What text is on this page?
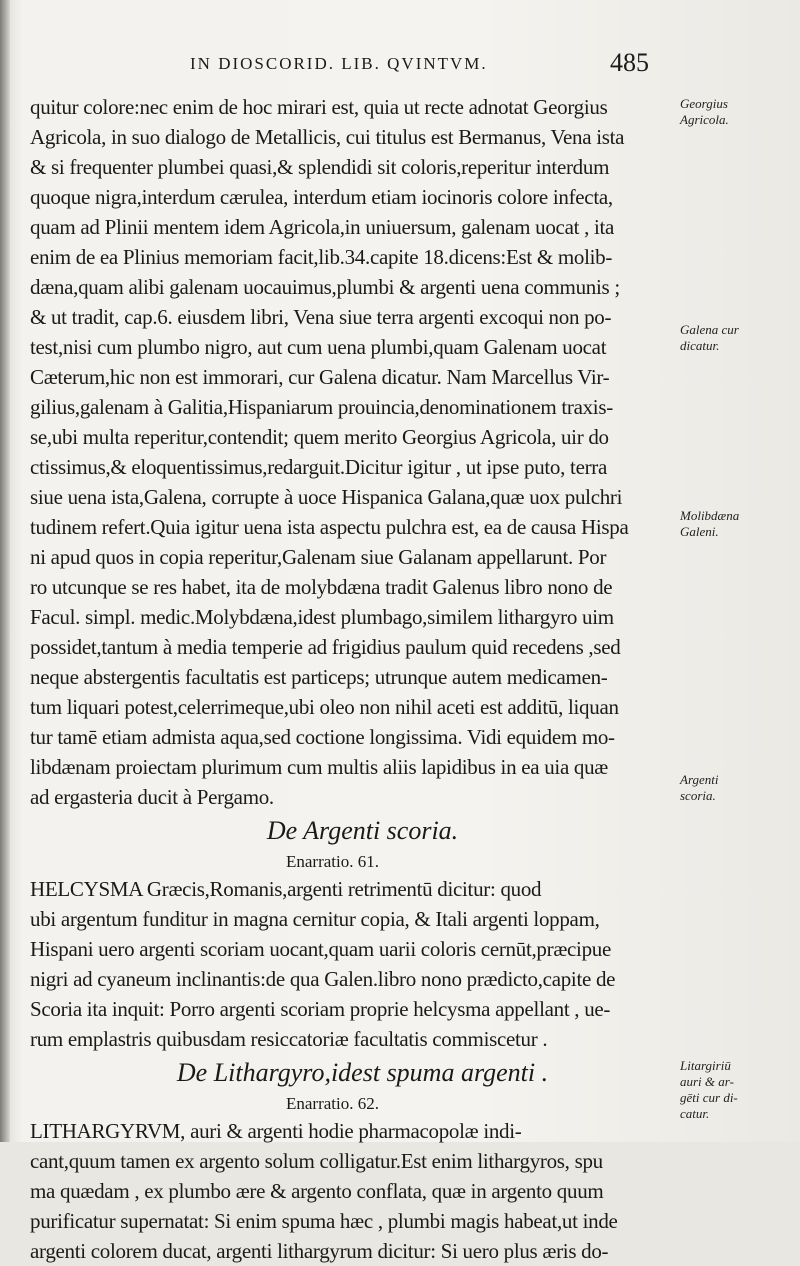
IN DIOSCORID. LIB. QVINTVM.	485
quitur colore:nec enim de hoc mirari est, quia ut recte adnotat Georgius
Agricola, in suo dialogo de Metallicis, cui titulus est Bermanus, Vena ista
& si frequenter plumbei quasi,& splendidi sit coloris,reperitur interdum
quoque nigra,interdum cærulea, interdum etiam iocinoris colore infecta,
quam ad Plinii mentem idem Agricola,in uniuersum, galenam uocat , ita
enim de ea Plinius memoriam facit,lib.34.capite 18.dicens:Est & molib-
dæna,quam alibi galenam uocauimus,plumbi & argenti uena communis ;
& ut tradit, cap.6. eiusdem libri, Vena siue terra argenti excoqui non po-
test,nisi cum plumbo nigro, aut cum uena plumbi,quam Galenam uocat
Cæterum,hic non est immorari, cur Galena dicatur. Nam Marcellus Vir-
gilius,galenam à Galitia,Hispaniarum prouincia,denominationem traxis-
se,ubi multa reperitur,contendit; quem merito Georgius Agricola, uir do
ctissimus,& eloquentissimus,redarguit.Dicitur igitur , ut ipse puto, terra
siue uena ista,Galena, corrupte à uoce Hispanica Galana,quæ uox pulchri
tudinem refert.Quia igitur uena ista aspectu pulchra est, ea de causa Hispa
ni apud quos in copia reperitur,Galenam siue Galanam appellarunt. Por
ro utcunque se res habet, ita de molybdæna tradit Galenus libro nono de
Facul. simpl. medic.Molybdæna,idest plumbago,similem lithargyro uim
possidet,tantum à media temperie ad frigidius paulum quid recedens ,sed
neque abstergentis facultatis est particeps; utrunque autem medicamen-
tum liquari potest,celerrimeque,ubi oleo non nihil aceti est additū, liquan
tur tamē etiam admista aqua,sed coctione longissima. Vidi equidem mo-
libdænam proiectam plurimum cum multis aliis lapidibus in ea uia quæ
ad ergasteria ducit à Pergamo.
De Argenti scoria.
Enarratio. 61.
HELCYSMA Græcis,Romanis,argenti retrimentū dicitur: quod
ubi argentum funditur in magna cernitur copia, & Itali argenti loppam,
Hispani uero argenti scoriam uocant,quam uarii coloris cernūt,præcipue
nigri ad cyaneum inclinantis:de qua Galen.libro nono prædicto,capite de
Scoria ita inquit: Porro argenti scoriam proprie helcysma appellant , ue-
rum emplastris quibusdam resiccatoriæ facultatis commiscetur .
De Lithargyro,idest spuma argenti .
Enarratio. 62.
LITHARGYRVM, auri & argenti hodie pharmacopolæ indi-
cant,quum tamen ex argento solum colligatur.Est enim lithargyros, spu
ma quædam , ex plumbo ære & argento conflata, quæ in argento quum
purificatur supernatat: Si enim spuma hæc , plumbi magis habeat,ut inde
argenti colorem ducat, argenti lithargyrum dicitur: Si uero plus æris do-
Georgius
Agricola.
Galena cur
dicatur.
Molibdæna
Galeni.
Argenti
scoria.
Litargiriū
auri & ar-
gēti cur di-
catur.
